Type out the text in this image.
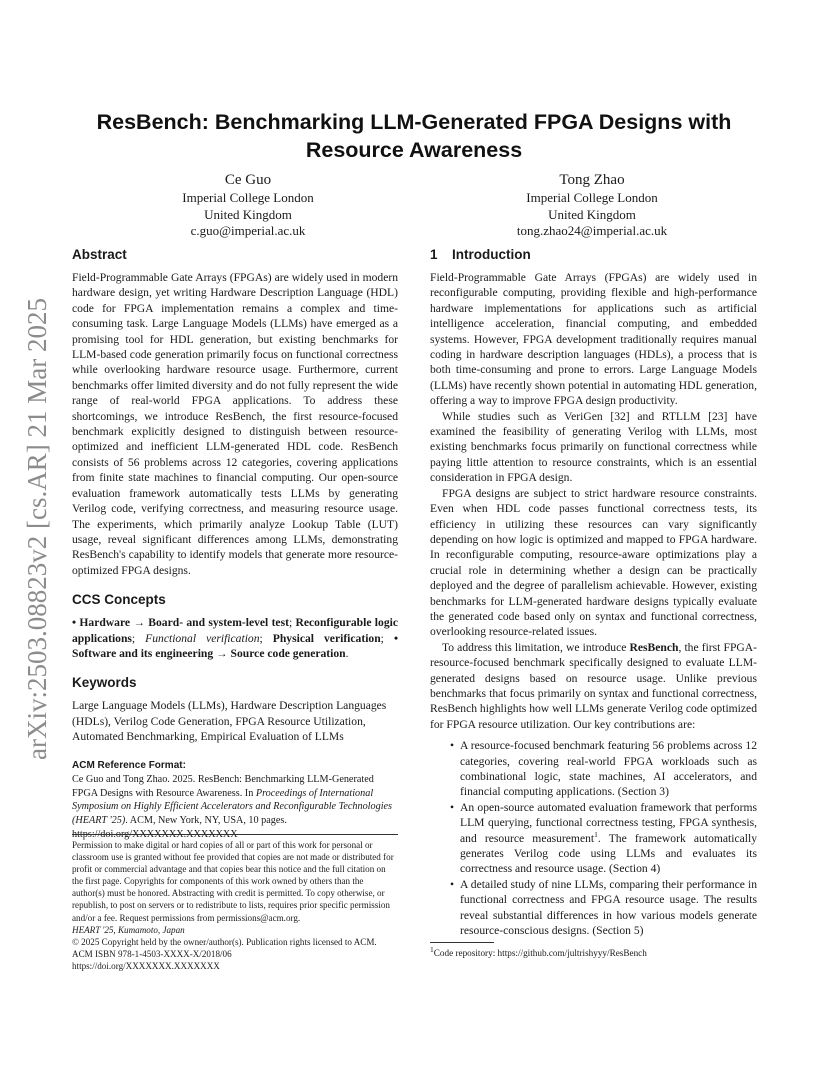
arXiv:2503.08823v2 [cs.AR] 21 Mar 2025
ResBench: Benchmarking LLM-Generated FPGA Designs with Resource Awareness
Ce Guo
Imperial College London
United Kingdom
c.guo@imperial.ac.uk
Tong Zhao
Imperial College London
United Kingdom
tong.zhao24@imperial.ac.uk
Abstract

Field-Programmable Gate Arrays (FPGAs) are widely used in modern hardware design, yet writing Hardware Description Language (HDL) code for FPGA implementation remains a complex and time-consuming task. Large Language Models (LLMs) have emerged as a promising tool for HDL generation, but existing benchmarks for LLM-based code generation primarily focus on functional correctness while overlooking hardware resource usage. Furthermore, current benchmarks offer limited diversity and do not fully represent the wide range of real-world FPGA applications. To address these shortcomings, we introduce ResBench, the first resource-focused benchmark explicitly designed to distinguish between resource-optimized and inefficient LLM-generated HDL code. ResBench consists of 56 problems across 12 categories, covering applications from finite state machines to financial computing. Our open-source evaluation framework automatically tests LLMs by generating Verilog code, verifying correctness, and measuring resource usage. The experiments, which primarily analyze Lookup Table (LUT) usage, reveal significant differences among LLMs, demonstrating ResBench's capability to identify models that generate more resource-optimized FPGA designs.

CCS Concepts

• Hardware → Board- and system-level test; Reconfigurable logic applications; Functional verification; Physical verification; • Software and its engineering → Source code generation.

Keywords

Large Language Models (LLMs), Hardware Description Languages (HDLs), Verilog Code Generation, FPGA Resource Utilization, Automated Benchmarking, Empirical Evaluation of LLMs

ACM Reference Format:

Ce Guo and Tong Zhao. 2025. ResBench: Benchmarking LLM-Generated FPGA Designs with Resource Awareness. In Proceedings of International Symposium on Highly Efficient Accelerators and Reconfigurable Technologies (HEART '25). ACM, New York, NY, USA, 10 pages. https://doi.org/XXXXXXX.XXXXXXX

Permission to make digital or hard copies of all or part of this work for personal or classroom use is granted without fee provided that copies are not made or distributed for profit or commercial advantage and that copies bear this notice and the full citation on the first page. Copyrights for components of this work owned by others than the author(s) must be honored. Abstracting with credit is permitted. To copy otherwise, or republish, to post on servers or to redistribute to lists, requires prior specific permission and/or a fee. Request permissions from permissions@acm.org.

HEART '25, Kumamoto, Japan

© 2025 Copyright held by the owner/author(s). Publication rights licensed to ACM.

ACM ISBN 978-1-4503-XXXX-X/2018/06

https://doi.org/XXXXXXX.XXXXXXX

1 Introduction

Field-Programmable Gate Arrays (FPGAs) are widely used in reconfigurable computing, providing flexible and high-performance hardware implementations for applications such as artificial intelligence acceleration, financial computing, and embedded systems. However, FPGA development traditionally requires manual coding in hardware description languages (HDLs), a process that is both time-consuming and prone to errors. Large Language Models (LLMs) have recently shown potential in automating HDL generation, offering a way to improve FPGA design productivity.

While studies such as VeriGen [32] and RTLLM [23] have examined the feasibility of generating Verilog with LLMs, most existing benchmarks focus primarily on functional correctness while paying little attention to resource constraints, which is an essential consideration in FPGA design.

FPGA designs are subject to strict hardware resource constraints. Even when HDL code passes functional correctness tests, its efficiency in utilizing these resources can vary significantly depending on how logic is optimized and mapped to FPGA hardware. In reconfigurable computing, resource-aware optimizations play a crucial role in determining whether a design can be practically deployed and the degree of parallelism achievable. However, existing benchmarks for LLM-generated hardware designs typically evaluate the generated code based only on syntax and functional correctness, overlooking resource-related issues.

To address this limitation, we introduce ResBench, the first FPGA-resource-focused benchmark specifically designed to evaluate LLM-generated designs based on resource usage. Unlike previous benchmarks that focus primarily on syntax and functional correctness, ResBench highlights how well LLMs generate Verilog code optimized for FPGA resource utilization. Our key contributions are:

• A resource-focused benchmark featuring 56 problems across 12 categories, covering real-world FPGA workloads such as combinational logic, state machines, AI accelerators, and financial computing applications. (Section 3)
• An open-source automated evaluation framework that performs LLM querying, functional correctness testing, FPGA synthesis, and resource measurement$^1$. The framework automatically generates Verilog code using LLMs and evaluates its correctness and resource usage. (Section 4)
• A detailed study of nine LLMs, comparing their performance in functional correctness and FPGA resource usage. The results reveal substantial differences in how various models generate resource-conscious designs. (Section 5)

$^1$Code repository: https://github.com/jultrishyyy/ResBench
